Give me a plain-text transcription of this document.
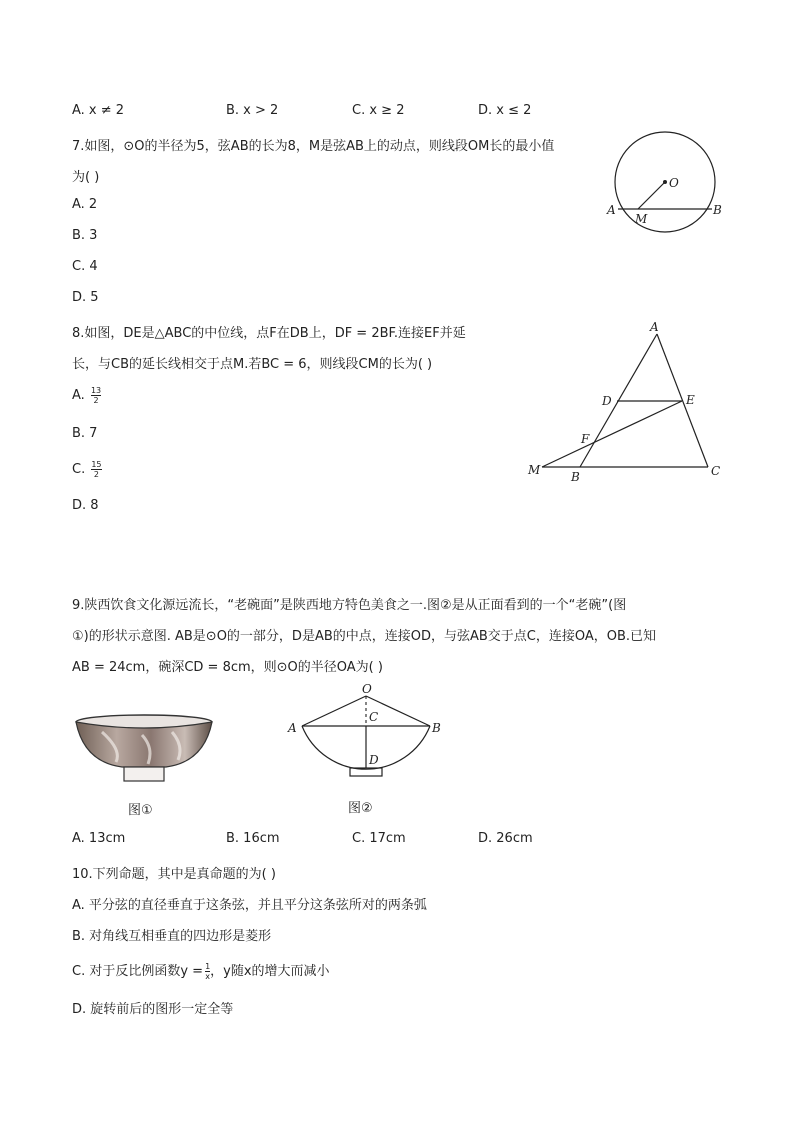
A. x ≠ 2	B. x > 2	C. x ≥ 2	D. x ≤ 2
7.如图，⊙O的半径为5，弦AB的长为8，M是弦AB上的动点，则线段OM长的最小值
为( )
A. 2
B. 3
C. 4
D. 5
O
A	B
M
8.如图，DE是△ABC的中位线，点F在DB上，DF = 2BF.连接EF并延
长，与CB的延长线相交于点M.若BC = 6，则线段CM的长为( )
A. $\frac{13}{2}$
B. 7
C. $\frac{15}{2}$
D. 8
A
D	E
F
M	B	C
9.陕西饮食文化源远流长，“老碗面”是陕西地方特色美食之一.图②是从正面看到的一个“老碗”(图
①)的形状示意图. AB是⊙O的一部分，D是AB的中点，连接OD，与弦AB交于点C，连接OA，OB.已知
AB = 24cm，碗深CD = 8cm，则⊙O的半径OA为( )
图①
O
A	B
C
D
图②
A. 13cm	B. 16cm	C. 17cm	D. 26cm
10.下列命题，其中是真命题的为( )
A. 平分弦的直径垂直于这条弦，并且平分这条弦所对的两条弧
B. 对角线互相垂直的四边形是菱形
C. 对于反比例函数$y = \frac{1}{x}$ ，y随x的增大而减小
D. 旋转前后的图形一定全等
